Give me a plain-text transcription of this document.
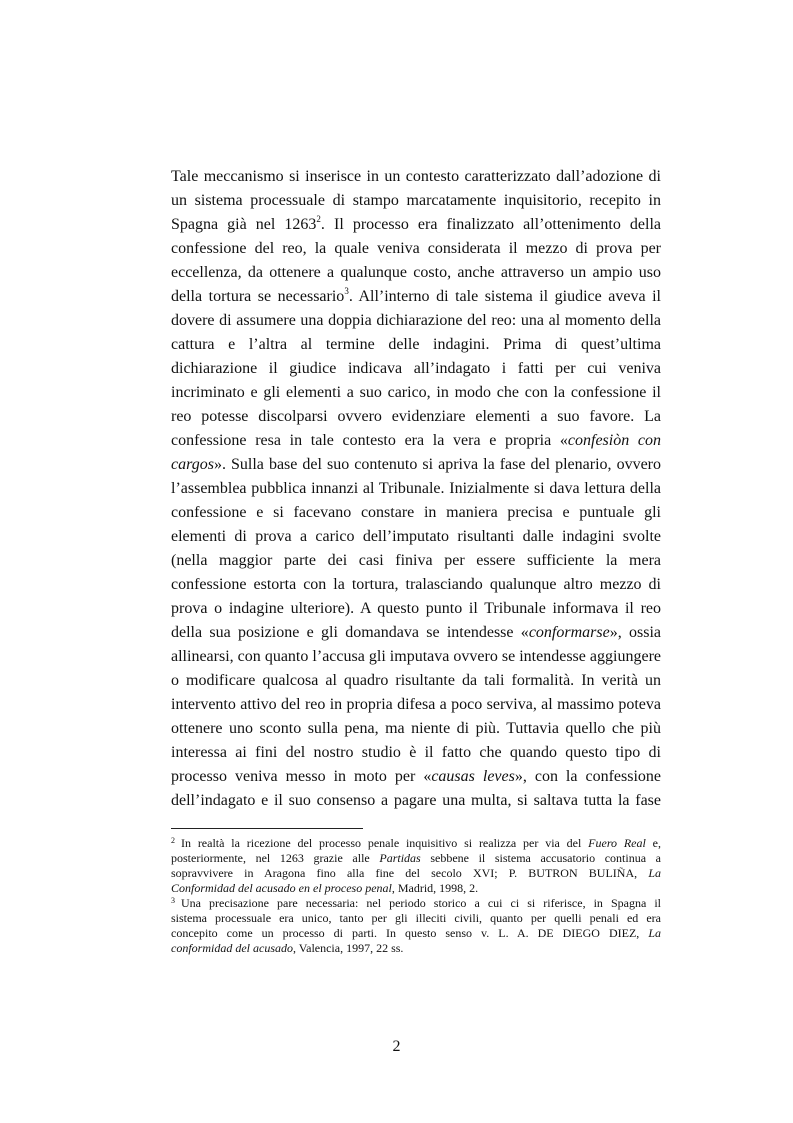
Tale meccanismo si inserisce in un contesto caratterizzato dall’adozione di
un sistema processuale di stampo marcatamente inquisitorio, recepito in
Spagna già nel 1263$^2$. Il processo era finalizzato all’ottenimento della
confessione del reo, la quale veniva considerata il mezzo di prova per
eccellenza, da ottenere a qualunque costo, anche attraverso un ampio uso
della tortura se necessario$^3$. All’interno di tale sistema il giudice aveva il
dovere di assumere una doppia dichiarazione del reo: una al momento della
cattura e l’altra al termine delle indagini. Prima di quest’ultima
dichiarazione il giudice indicava all’indagato i fatti per cui veniva
incriminato e gli elementi a suo carico, in modo che con la confessione il
reo potesse discolparsi ovvero evidenziare elementi a suo favore. La
confessione resa in tale contesto era la vera e propria «confesiòn con
cargos». Sulla base del suo contenuto si apriva la fase del plenario, ovvero
l’assemblea pubblica innanzi al Tribunale. Inizialmente si dava lettura della
confessione e si facevano constare in maniera precisa e puntuale gli
elementi di prova a carico dell’imputato risultanti dalle indagini svolte
(nella maggior parte dei casi finiva per essere sufficiente la mera
confessione estorta con la tortura, tralasciando qualunque altro mezzo di
prova o indagine ulteriore). A questo punto il Tribunale informava il reo
della sua posizione e gli domandava se intendesse «conformarse», ossia
allinearsi, con quanto l’accusa gli imputava ovvero se intendesse aggiungere
o modificare qualcosa al quadro risultante da tali formalità. In verità un
intervento attivo del reo in propria difesa a poco serviva, al massimo poteva
ottenere uno sconto sulla pena, ma niente di più. Tuttavia quello che più
interessa ai fini del nostro studio è il fatto che quando questo tipo di
processo veniva messo in moto per «causas leves», con la confessione
dell’indagato e il suo consenso a pagare una multa, si saltava tutta la fase
$^2$ In realtà la ricezione del processo penale inquisitivo si realizza per via del Fuero Real e,
posteriormente, nel 1263 grazie alle Partidas sebbene il sistema accusatorio continua a
sopravvivere in Aragona fino alla fine del secolo XVI; P. BUTRON BULIÑA, La
Conformidad del acusado en el proceso penal, Madrid, 1998, 2.
$^3$ Una precisazione pare necessaria: nel periodo storico a cui ci si riferisce, in Spagna il
sistema processuale era unico, tanto per gli illeciti civili, quanto per quelli penali ed era
concepito come un processo di parti. In questo senso v. L. A. DE DIEGO DIEZ, La
conformidad del acusado, Valencia, 1997, 22 ss.
2
